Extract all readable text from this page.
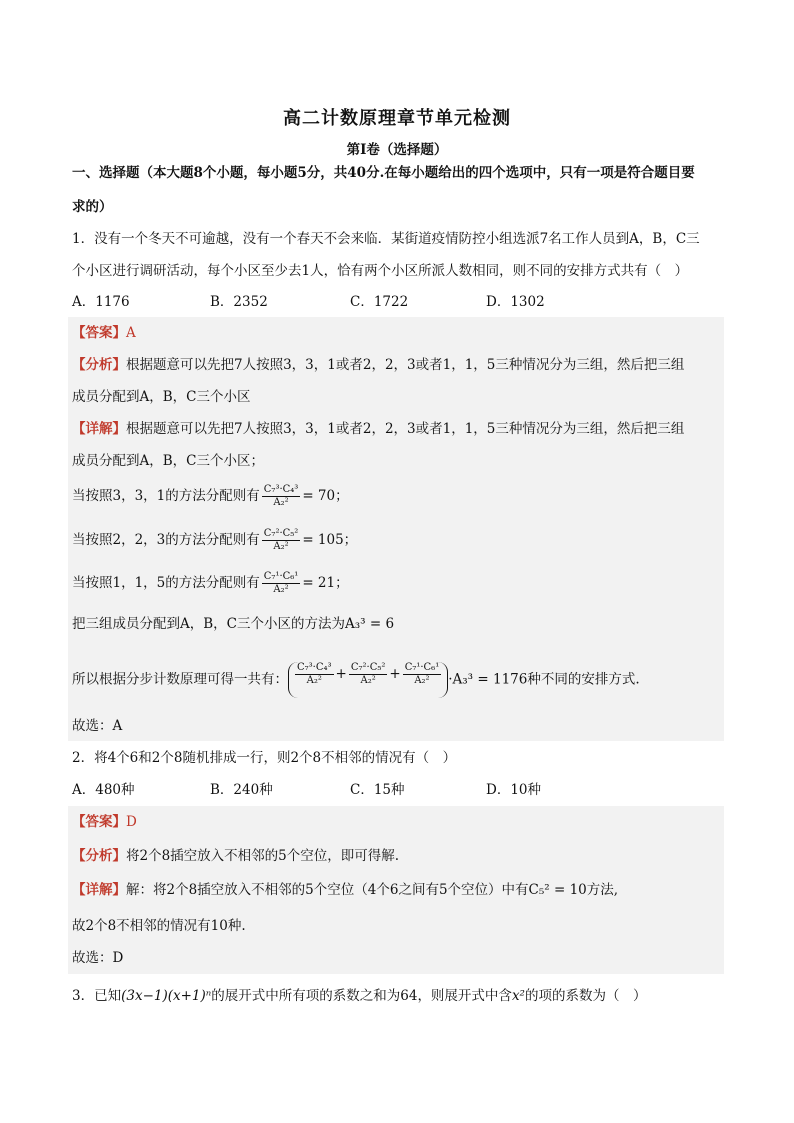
高二计数原理章节单元检测
第I卷（选择题）
一、选择题（本大题8个小题，每小题5分，共40分.在每小题给出的四个选项中，只有一项是符合题目要
求的）
1．没有一个冬天不可逾越，没有一个春天不会来临．某街道疫情防控小组选派7名工作人员到A，B，C三
个小区进行调研活动，每个小区至少去1人，恰有两个小区所派人数相同，则不同的安排方式共有（　）
A．1176	B．2352	C．1722	D．1302
【答案】A
【分析】根据题意可以先把7人按照3，3，1或者2，2，3或者1，1，5三种情况分为三组，然后把三组
成员分配到A，B，C三个小区
【详解】根据题意可以先把7人按照3，3，1或者2，2，3或者1，1，5三种情况分为三组，然后把三组
成员分配到A，B，C三个小区；
当按照3，3，1的方法分配则有 $\frac{\text{C₇³·C₄³}}{\text{A₂²}} = 70$；
当按照2，2，3的方法分配则有 $\frac{\text{C₇²·C₅²}}{\text{A₂²}} = 105$；
当按照1，1，5的方法分配则有 $\frac{\text{C₇¹·C₆¹}}{\text{A₂²}} = 21$；
把三组成员分配到A，B，C三个小区的方法为A₃³ = 6
所以根据分步计数原理可得一共有： $\frac{\text{C₇³·C₄³}}{\text{A₂²}} + \frac{\text{C₇²·C₅²}}{\text{A₂²}} + \frac{\text{C₇¹·C₆¹}}{\text{A₂²}} \cdot A_3^3 = 1176$种不同的安排方式.
故选：A
2．将4个6和2个8随机排成一行，则2个8不相邻的情况有（　）
A．480种	B．240种	C．15种	D．10种
【答案】D
【分析】将2个8插空放入不相邻的5个空位，即可得解.
【详解】解：将2个8插空放入不相邻的5个空位（4个6之间有5个空位）中有C₅² = 10方法,
故2个8不相邻的情况有10种.
故选：D
3．已知(3x−1)(x+1)ⁿ的展开式中所有项的系数之和为64，则展开式中含x²的项的系数为（　）
